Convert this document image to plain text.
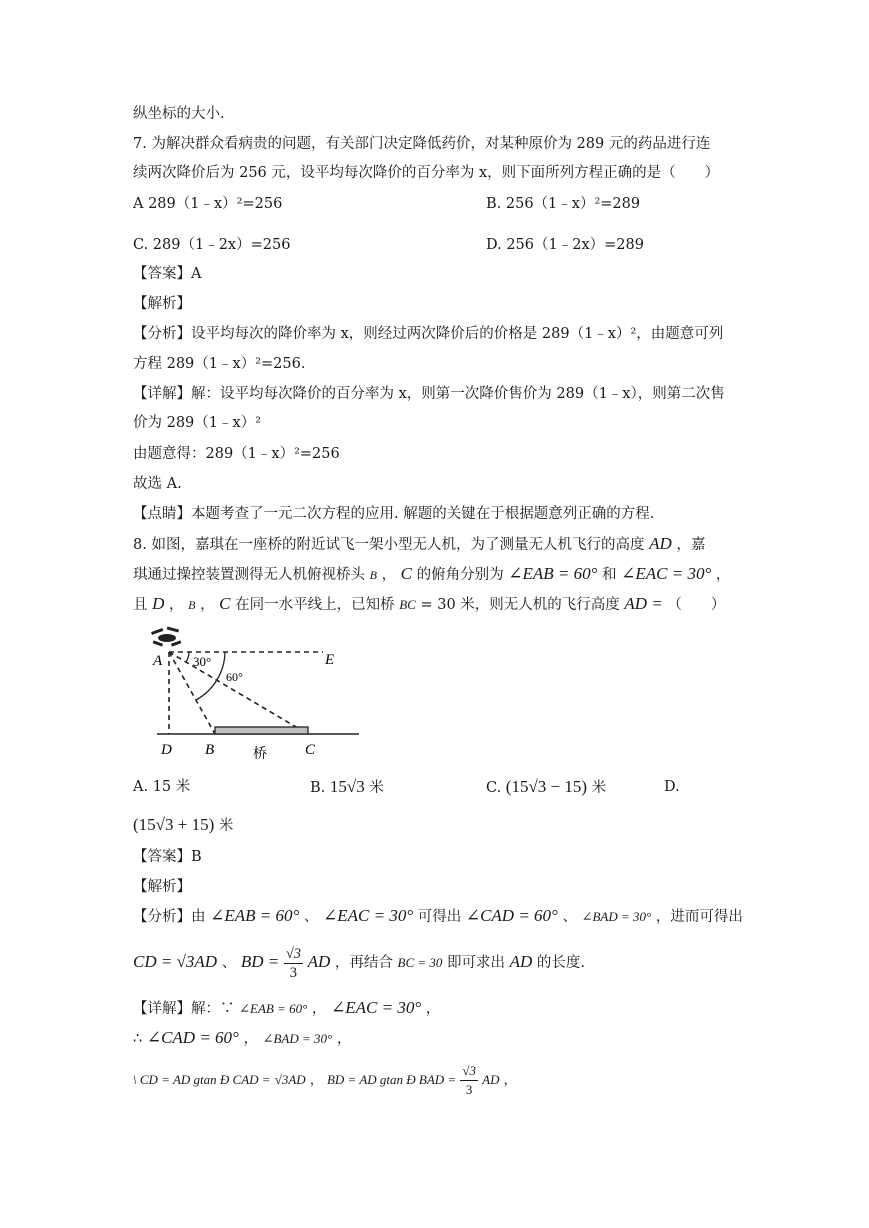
纵坐标的大小.
7. 为解决群众看病贵的问题，有关部门决定降低药价，对某种原价为 289 元的药品进行连
续两次降价后为 256 元，设平均每次降价的百分率为 x，则下面所列方程正确的是（　　）
A 289（1﹣x）²=256	B. 256（1﹣x）²=289
C. 289（1﹣2x）=256	D. 256（1﹣2x）=289
【答案】A
【解析】
【分析】设平均每次的降价率为 x，则经过两次降价后的价格是 289（1﹣x）²，由题意可列
方程 289（1﹣x）²=256.
【详解】解：设平均每次降价的百分率为 x，则第一次降价售价为 289（1﹣x），则第二次售
价为 289（1﹣x）²
由题意得：289（1﹣x）²=256
故选 A.
【点睛】本题考查了一元二次方程的应用. 解题的关键在于根据题意列正确的方程.
8. 如图，嘉琪在一座桥的附近试飞一架小型无人机，为了测量无人机飞行的高度 AD ，嘉
琪通过操控装置测得无人机俯视桥头 B ， C 的俯角分别为 ∠EAB = 60° 和 ∠EAC = 30° ，
且 D ， B ， C 在同一水平线上，已知桥 BC = 30 米，则无人机的飞行高度 AD = （　　）
A	E
D B	C
30°
60°
桥
A. 15 米	B. 15√3 米	C. (15√3 − 15) 米	D.
(15√3 + 15) 米
【答案】B
【解析】
【分析】由 ∠EAB = 60° 、 ∠EAC = 30° 可得出 ∠CAD = 60° 、 ∠BAD = 30° ，进而可得出
CD = √3AD 、 BD = $\frac{√3}{3}$ AD ，再结合 BC = 30 即可求出 AD 的长度.
【详解】解：∵ ∠EAB = 60° ， ∠EAC = 30° ，
∴ ∠CAD = 60° ， ∠BAD = 30° ，
\ CD = AD gtan Ð CAD = √3AD ， BD = AD gtan Ð BAD = $\frac{√3}{3}$ AD ，
